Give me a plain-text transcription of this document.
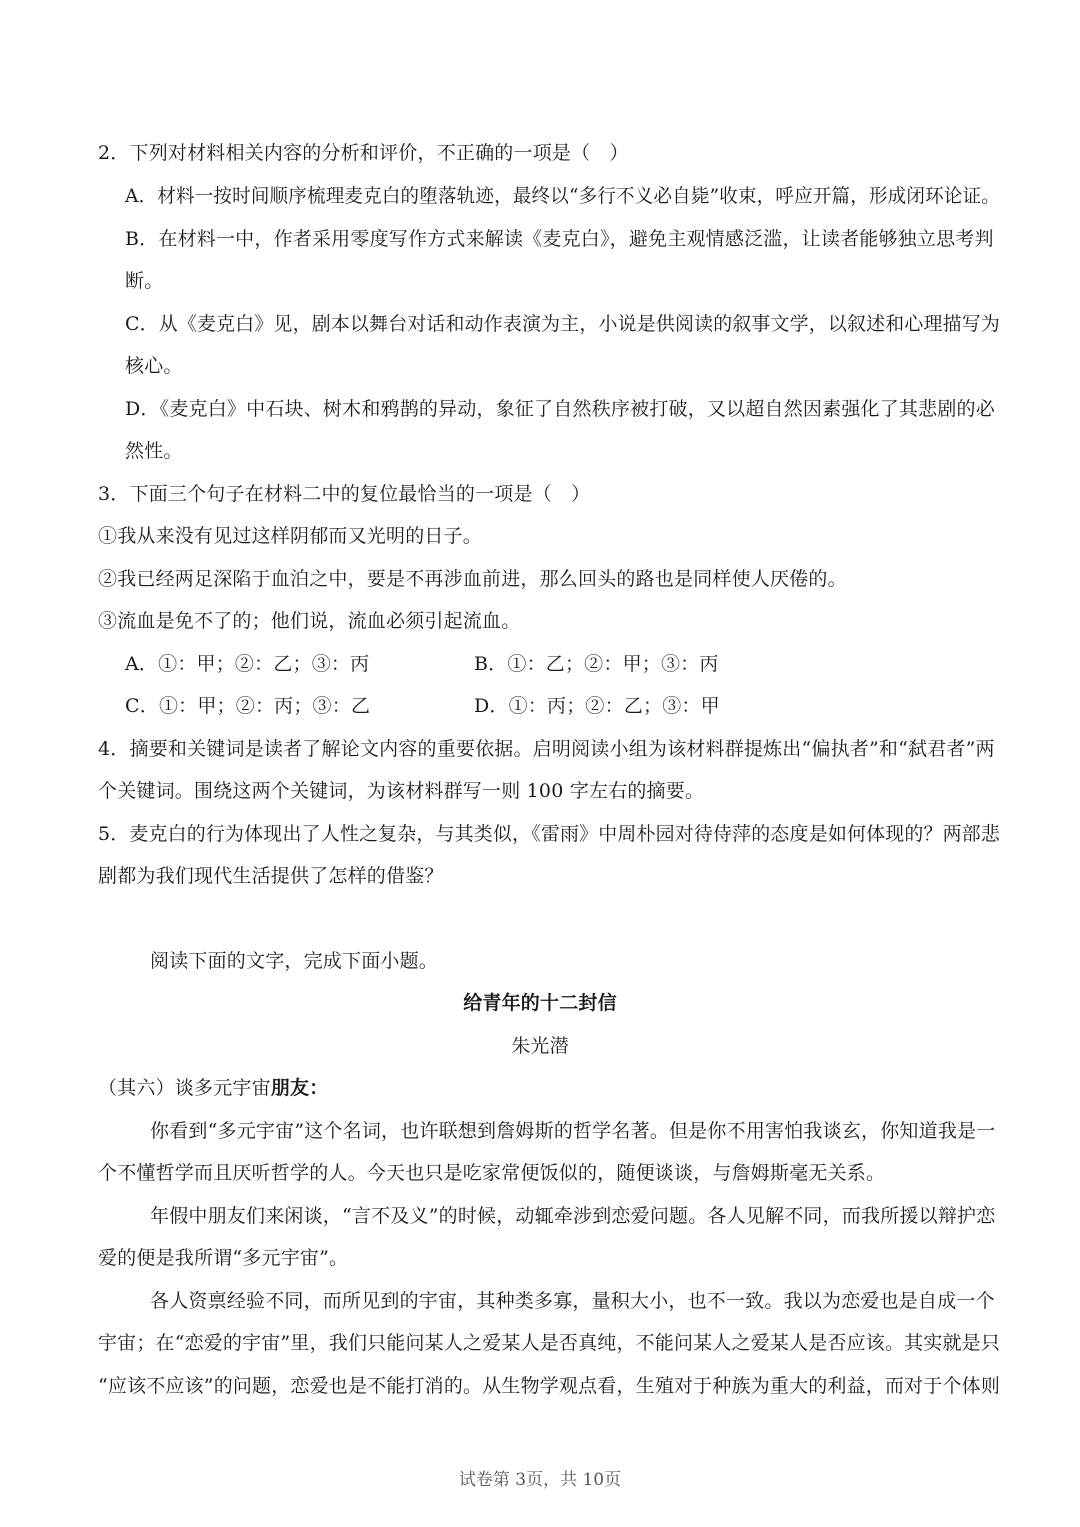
2．下列对材料相关内容的分析和评价，不正确的一项是（　）
A．材料一按时间顺序梳理麦克白的堕落轨迹，最终以“多行不义必自毙”收束，呼应开篇，形成闭环论证。
B．在材料一中，作者采用零度写作方式来解读《麦克白》，避免主观情感泛滥，让读者能够独立思考判
断。
C．从《麦克白》见，剧本以舞台对话和动作表演为主，小说是供阅读的叙事文学，以叙述和心理描写为
核心。
D．《麦克白》中石块、树木和鸦鹊的异动，象征了自然秩序被打破，又以超自然因素强化了其悲剧的必
然性。
3．下面三个句子在材料二中的复位最恰当的一项是（　）
①我从来没有见过这样阴郁而又光明的日子。
②我已经两足深陷于血泊之中，要是不再涉血前进，那么回头的路也是同样使人厌倦的。
③流血是免不了的；他们说，流血必须引起流血。
A．①：甲；②：乙；③：丙	B．①：乙；②：甲；③：丙
C．①：甲；②：丙；③：乙	D．①：丙；②：乙；③：甲
4．摘要和关键词是读者了解论文内容的重要依据。启明阅读小组为该材料群提炼出“偏执者”和“弑君者”两
个关键词。围绕这两个关键词，为该材料群写一则 100 字左右的摘要。
5．麦克白的行为体现出了人性之复杂，与其类似，《雷雨》中周朴园对待侍萍的态度是如何体现的？两部悲
剧都为我们现代生活提供了怎样的借鉴？
阅读下面的文字，完成下面小题。
给青年的十二封信
朱光潜
（其六）谈多元宇宙朋友：
你看到“多元宇宙”这个名词，也许联想到詹姆斯的哲学名著。但是你不用害怕我谈玄，你知道我是一
个不懂哲学而且厌听哲学的人。今天也只是吃家常便饭似的，随便谈谈，与詹姆斯毫无关系。
年假中朋友们来闲谈，“言不及义”的时候，动辄牵涉到恋爱问题。各人见解不同，而我所援以辩护恋
爱的便是我所谓“多元宇宙”。
各人资禀经验不同，而所见到的宇宙，其种类多寡，量积大小，也不一致。我以为恋爱也是自成一个
宇宙；在“恋爱的宇宙”里，我们只能问某人之爱某人是否真纯，不能问某人之爱某人是否应该。其实就是只
“应该不应该”的问题，恋爱也是不能打消的。从生物学观点看，生殖对于种族为重大的利益，而对于个体则
试卷第 3页，共 10页
